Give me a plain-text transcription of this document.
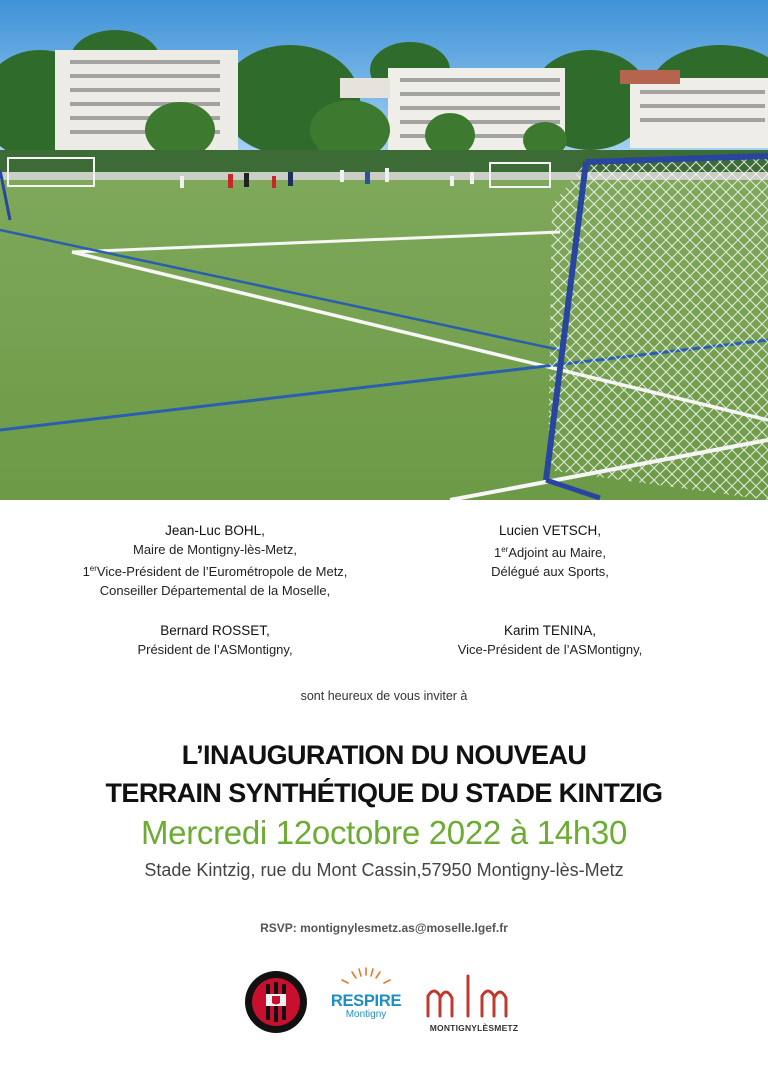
Jean-Luc BOHL,
Maire de Montigny-lès-Metz,
1erVice-Président de l’Eurométropole de Metz,
Conseiller Départemental de la Moselle,
Lucien VETSCH,
1erAdjoint au Maire,
Délégué aux Sports,
Bernard ROSSET,
Président de l’ASMontigny,
Karim TENINA,
Vice-Président de l’ASMontigny,
sont heureux de vous inviter à
L’INAUGURATION DU NOUVEAU
TERRAIN SYNTHÉTIQUE DU STADE KINTZIG
Mercredi 12octobre 2022 à 14h30
Stade Kintzig, rue du Mont Cassin,57950 Montigny-lès-Metz
RSVP: montignylesmetz.as@moselle.lgef.fr
RESPIRE
Montigny
MONTIGNYLÈSMETZ
